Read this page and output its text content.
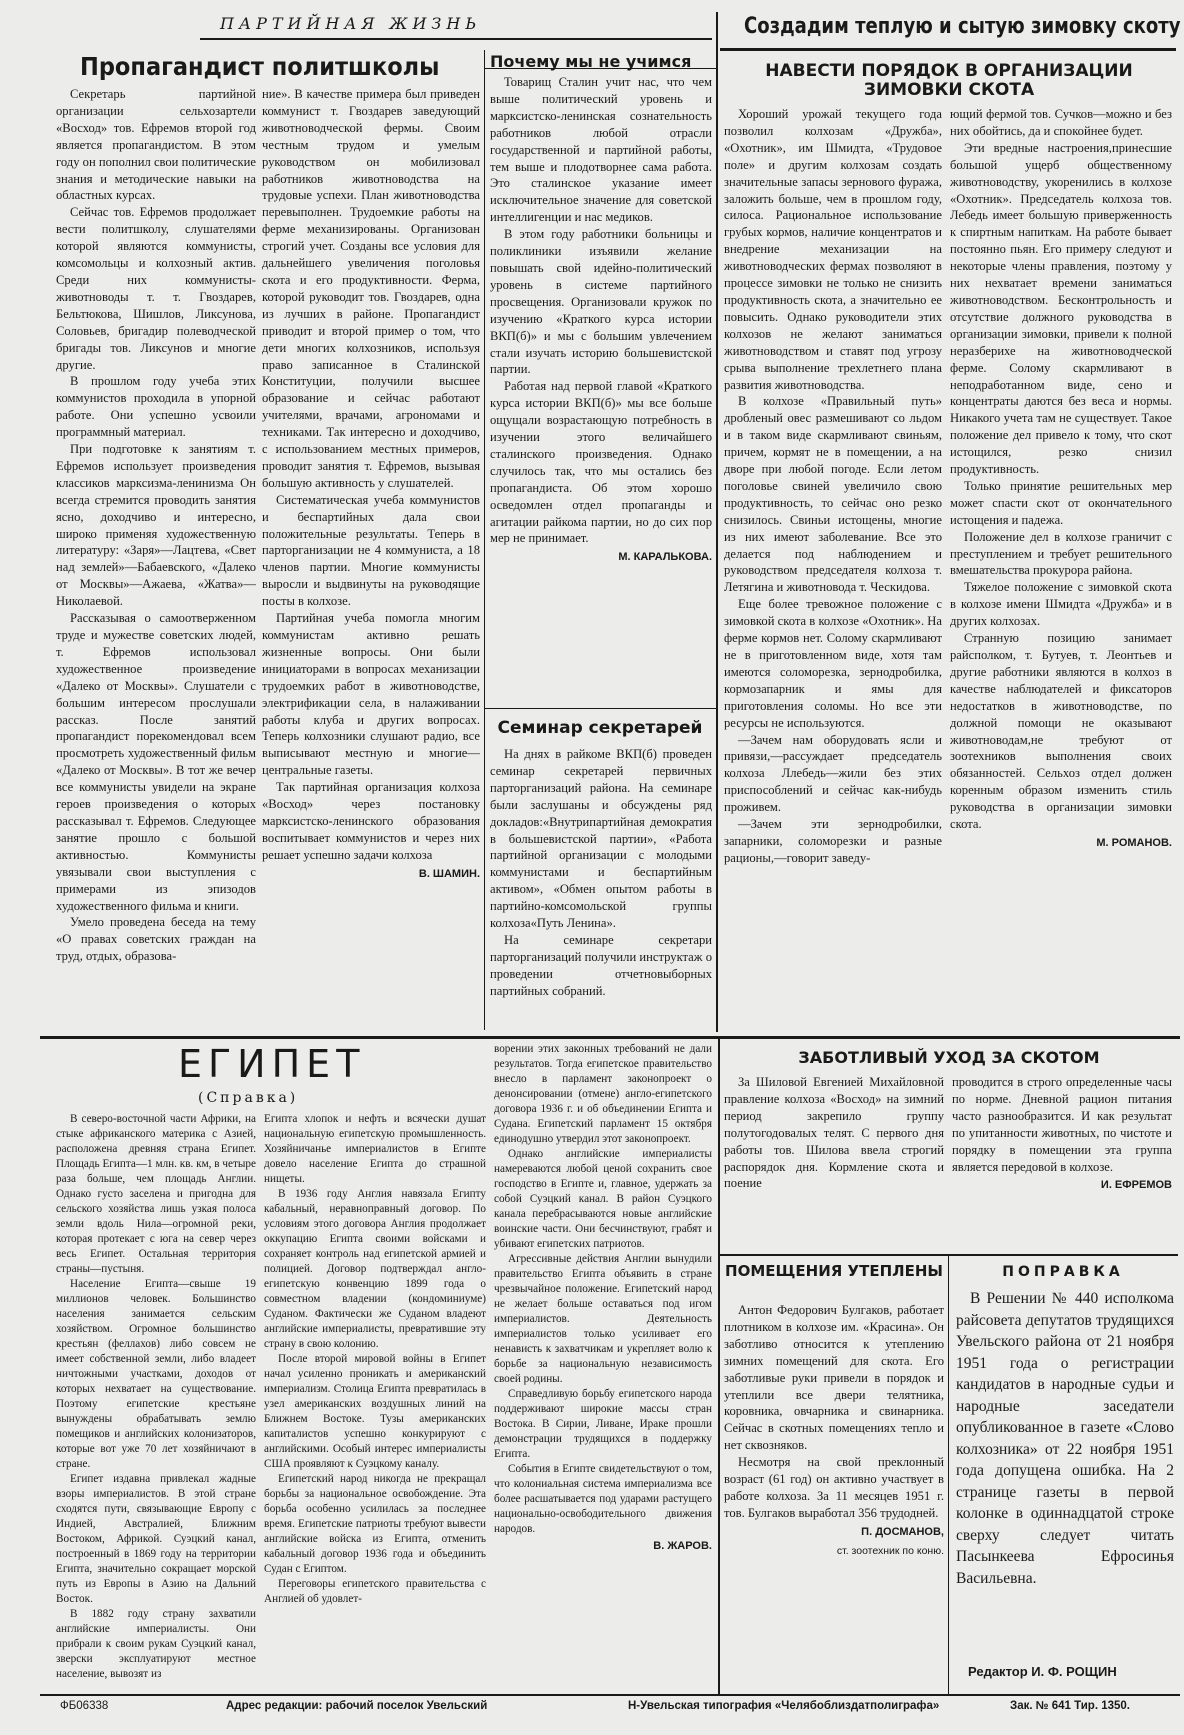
ПАРТИЙНАЯ ЖИЗНЬ	Создадим теплую и сытую зимовку скоту
Пропагандист политшколы

Секретарь партийной организации сельхозартели «Восход» тов. Ефремов второй год является пропагандистом. В этом году он пополнил свои политические знания и методические навыки на областных курсах.

Сейчас тов. Ефремов продолжает вести политшколу, слушателями которой являются коммунисты, комсомольцы и колхозный актив. Среди них коммунисты-животноводы т. т. Гвоздарев, Бельтюкова, Шишлов, Ликсунова, Соловьев, бригадир полеводческой бригады тов. Ликсунов и многие другие.

В прошлом году учеба этих коммунистов проходила в упорной работе. Они успешно усвоили программный материал.

При подготовке к занятиям т. Ефремов использует произведения классиков марксизма-ленинизма Он всегда стремится проводить занятия ясно, доходчиво и интересно, широко применяя художественную литературу: «Заря»—Лацтева, «Свет над землей»—Бабаевского, «Далеко от Москвы»—Ажаева, «Жатва»—Николаевой.

Рассказывая о самоотверженном труде и мужестве советских людей, т. Ефремов использовал художественное произведение «Далеко от Москвы». Слушатели с большим интересом прослушали рассказ. После занятий пропагандист порекомендовал всем просмотреть художественный фильм «Далеко от Москвы». В тот же вечер все коммунисты увидели на экране героев произведения о которых рассказывал т. Ефремов. Следующее занятие прошло с большой активностью. Коммунисты увязывали свои выступления с примерами из эпизодов художественного фильма и книги.

Умело проведена беседа на тему «О правах советских граждан на труд, отдых, образова-

ние». В качестве примера был приведен коммунист т. Гвоздарев заведующий животноводческой фермы. Своим честным трудом и умелым руководством он мобилизовал работников животноводства на трудовые успехи. План животноводства перевыполнен. Трудоемкие работы на ферме механизированы. Организован строгий учет. Созданы все условия для дальнейшего увеличения поголовья скота и его продуктивности. Ферма, которой руководит тов. Гвоздарев, одна из лучших в районе. Пропагандист приводит и второй пример о том, что дети многих колхозников, используя право записанное в Сталинской Конституции, получили высшее образование и сейчас работают учителями, врачами, агрономами и техниками. Так интересно и доходчиво, с использованием местных примеров, проводит занятия т. Ефремов, вызывая большую активность у слушателей.

Систематическая учеба коммунистов и беспартийных дала свои положительные результаты. Теперь в парторганизации не 4 коммуниста, а 18 членов партии. Многие коммунисты выросли и выдвинуты на руководящие посты в колхозе.

Партийная учеба помогла многим коммунистам активно решать жизненные вопросы. Они были инициаторами в вопросах механизации трудоемких работ в животноводстве, электрификации села, в налаживании работы клуба и других вопросах. Теперь колхозники слушают радио, все выписывают местную и многие—центральные газеты.

Так партийная организация колхоза «Восход» через постановку марксистско-ленинского образования воспитывает коммунистов и через них решает успешно задачи колхоза

В. ШАМИН.
Почему мы не учимся

Товарищ Сталин учит нас, что чем выше политический уровень и марксистско-ленинская сознательность работников любой отрасли государственной и партийной работы, тем выше и плодотворнее сама работа. Это сталинское указание имеет исключительное значение для советской интеллигенции и нас медиков.

В этом году работники больницы и поликлиники изъявили желание повышать свой идейно-политический уровень в системе партийного просвещения. Организовали кружок по изучению «Краткого курса истории ВКП(б)» и мы с большим увлечением стали изучать историю большевистской партии.

Работая над первой главой «Краткого курса истории ВКП(б)» мы все больше ощущали возрастающую потребность в изучении этого величайшего сталинского произведения. Однако случилось так, что мы остались без пропагандиста. Об этом хорошо осведомлен отдел пропаганды и агитации райкома партии, но до сих пор мер не принимает.

М. КАРАЛЬКОВА.
Семинар секретарей

На днях в райкоме ВКП(б) проведен семинар секретарей первичных парторганизаций района. На семинаре были заслушаны и обсуждены ряд докладов:«Внутрипартийная демократия в большевистской партии», «Работа партийной организации с молодыми коммунистами и беспартийным активом», «Обмен опытом работы в партийно-комсомольской группы колхоза«Путь Ленина».

На семинаре секретари парторганизаций получили инструктаж о проведении отчетновыборных партийных собраний.

НАВЕСТИ ПОРЯДОК В ОРГАНИЗАЦИИ ЗИМОВКИ СКОТА

Хороший урожай текущего года позволил колхозам «Дружба», «Охотник», им Шмидта, «Трудовое поле» и другим колхозам создать значительные запасы зернового фуража, заложить больше, чем в прошлом году, силоса. Рациональное использование грубых кормов, наличие концентратов и внедрение механизации на животноводческих фермах позволяют в процессе зимовки не только не снизить продуктивность скота, а значительно ее повысить. Однако руководители этих колхозов не желают заниматься животноводством и ставят под угрозу срыва выполнение трехлетнего плана развития животноводства.

В колхозе «Правильный путь» дробленый овес размешивают со льдом и в таком виде скармливают свиньям, причем, кормят не в помещении, а на дворе при любой погоде. Если летом поголовье свиней увеличило свою продуктивность, то сейчас оно резко снизилось. Свиньи истощены, многие из них имеют заболевание. Все это делается под наблюдением и руководством председателя колхоза т. Летягина и животновода т. Ческидова.

Еще более тревожное положение с зимовкой скота в колхозе «Охотник». На ферме кормов нет. Солому скармливают не в приготовленном виде, хотя там имеются соломорезка, зернодробилка, кормозапарник и ямы для приготовления соломы. Но все эти ресурсы не используются.

—Зачем нам оборудовать ясли и привязи,—рассуждает председатель колхоза Ллебедь—жили без этих приспособлений и сейчас как-нибудь проживем.

—Зачем эти зернодробилки, запарники, соломорезки и разные рационы,—говорит заведу-

ющий фермой тов. Сучков—можно и без них обойтись, да и спокойнее будет.

Эти вредные настроения,принесшие большой ущерб общественному животноводству, укоренились в колхозе «Охотник». Председатель колхоза тов. Лебедь имеет большую приверженность к спиртным напиткам. На работе бывает постоянно пьян. Его примеру следуют и некоторые члены правления, поэтому у них нехватает времени заниматься животноводством. Бесконтрольность и отсутствие должного руководства в организации зимовки, привели к полной неразберихе на животноводческой ферме. Солому скармливают в неподработанном виде, сено и концентраты даются без веса и нормы. Никакого учета там не существует. Такое положение дел привело к тому, что скот истощился, резко снизил продуктивность.

Только принятие решительных мер может спасти скот от окончательного истощения и падежа.

Положение дел в колхозе граничит с преступлением и требует решительного вмешательства прокурора района.

Тяжелое положение с зимовкой скота в колхозе имени Шмидта «Дружба» и в других колхозах.

Странную позицию занимает райсполком, т. Бутуев, т. Леонтьев и другие работники являются в колхоз в качестве наблюдателей и фиксаторов недостатков в животноводстве, по должной помощи не оказывают животноводам,не требуют от зоотехников выполнения своих обязанностей. Сельхоз отдел должен коренным образом изменить стиль руководства в организации зимовки скота.

М. РОМАНОВ.
ЕГИПЕТ
(Справка)

В северо-восточной части Африки, на стыке африканского материка с Азией, расположена древняя страна Египет. Площадь Египта—1 млн. кв. км, в четыре раза больше, чем площадь Англии. Однако густо заселена и пригодна для сельского хозяйства лишь узкая полоса земли вдоль Нила—огромной реки, которая протекает с юга на север через весь Египет. Остальная территория страны—пустыня.

Население Египта—свыше 19 миллионов человек. Большинство населения занимается сельским хозяйством. Огромное большинство крестьян (феллахов) либо совсем не имеет собственной земли, либо владеет ничтожными участками, доходов от которых нехватает на существование. Поэтому египетские крестьяне вынуждены обрабатывать землю помещиков и английских колонизаторов, которые вот уже 70 лет хозяйничают в стране.

Египет издавна привлекал жадные взоры империалистов. В этой стране сходятся пути, связывающие Европу с Индией, Австралией, Ближним Востоком, Африкой. Суэцкий канал, построенный в 1869 году на территории Египта, значительно сокращает морской путь из Европы в Азию на Дальний Восток.

В 1882 году страну захватили английские империалисты. Они прибрали к своим рукам Суэцкий канал, зверски эксплуатируют местное население, вывозят из

Египта хлопок и нефть и всячески душат национальную египетскую промышленность. Хозяйничанье империалистов в Египте довело население Египта до страшной нищеты.

В 1936 году Англия навязала Египту кабальный, неравноправный договор. По условиям этого договора Англия продолжает оккупацию Египта своими войсками и сохраняет контроль над египетской армией и полицией. Договор подтверждал англо-египетскую конвенцию 1899 года о совместном владении (кондоминиуме) Суданом. Фактически же Суданом владеют английские империалисты, превратившие эту страну в свою колонию.

После второй мировой войны в Египет начал усиленно проникать и американский империализм. Столица Египта превратилась в узел американских воздушных линий на Ближнем Востоке. Тузы американских капиталистов успешно конкурируют с английскими. Особый интерес империалисты США проявляют к Суэцкому каналу.

Египетский народ никогда не прекращал борьбы за национальное освобождение. Эта борьба особенно усилилась за последнее время. Египетские патриоты требуют вывести английские войска из Египта, отменить кабальный договор 1936 года и объединить Судан с Египтом.

Переговоры египетского правительства с Англией об удовлет-

ворении этих законных требований не дали результатов. Тогда египетское правительство внесло в парламент законопроект о денонсировании (отмене) англо-египетского договора 1936 г. и об объединении Египта и Судана. Египетский парламент 15 октября единодушно утвердил этот законопроект.

Однако английские империалисты намереваются любой ценой сохранить свое господство в Египте и, главное, удержать за собой Суэцкий канал. В район Суэцкого канала перебрасываются новые английские воинские части. Они бесчинствуют, грабят и убивают египетских патриотов.

Агрессивные действия Англии вынудили правительство Египта объявить в стране чрезвычайное положение. Египетский народ не желает больше оставаться под игом империалистов. Деятельность империалистов только усиливает его ненависть к захватчикам и укрепляет волю к борьбе за национальную независимость своей родины.

Справедливую борьбу египетского народа поддерживают широкие массы стран Востока. В Сирии, Ливане, Ираке прошли демонстрации трудящихся в поддержку Египта.

События в Египте свидетельствуют о том, что колониальная система империализма все более расшатывается под ударами растущего национально-освободительного движения народов.

В. ЖАРОВ.
ЗАБОТЛИВЫЙ УХОД ЗА СКОТОМ

За Шиловой Евгенией Михайловной правление колхоза «Восход» на зимний период закрепило группу полутогодовалых телят. С первого дня работы тов. Шилова ввела строгий распорядок дня. Кормление скота и поение

проводится в строго определенные часы по норме. Дневной рацион питания часто разнообразится. И как результат по упитанности животных, по чистоте и порядку в помещении эта группа является передовой в колхозе.

И. ЕФРЕМОВ
ПОМЕЩЕНИЯ УТЕПЛЕНЫ

Антон Федорович Булгаков, работает плотником в колхозе им. «Красина». Он заботливо относится к утеплению зимних помещений для скота. Его заботливые руки привели в порядок и утеплили все двери телятника, коровника, овчарника и свинарника. Сейчас в скотных помещениях тепло и нет сквозняков.

Несмотря на свой преклонный возраст (61 год) он активно участвует в работе колхоза. За 11 месяцев 1951 г. тов. Булгаков выработал 356 трудодней.

П. ДОСМАНОВ,
ст. зоотехник по коню.
ПОПРАВКА

В Решении № 440 исполкома райсовета депутатов трудящихся Увельского района от 21 ноября 1951 года о регистрации кандидатов в народные судьи и народные заседатели опубликованное в газете «Слово колхозника» от 22 ноября 1951 года допущена ошибка. На 2 странице газеты в первой колонке в одиннадцатой строке сверху следует читать Пасынкеева Ефросинья Васильевна.

Редактор И. Ф. РОЩИН
ФБ06338	Адрес редакции: рабочий поселок Увельский	Н-Увельская типография «Челябоблиздатполиграфа»	Зак. № 641 Тир. 1350.
